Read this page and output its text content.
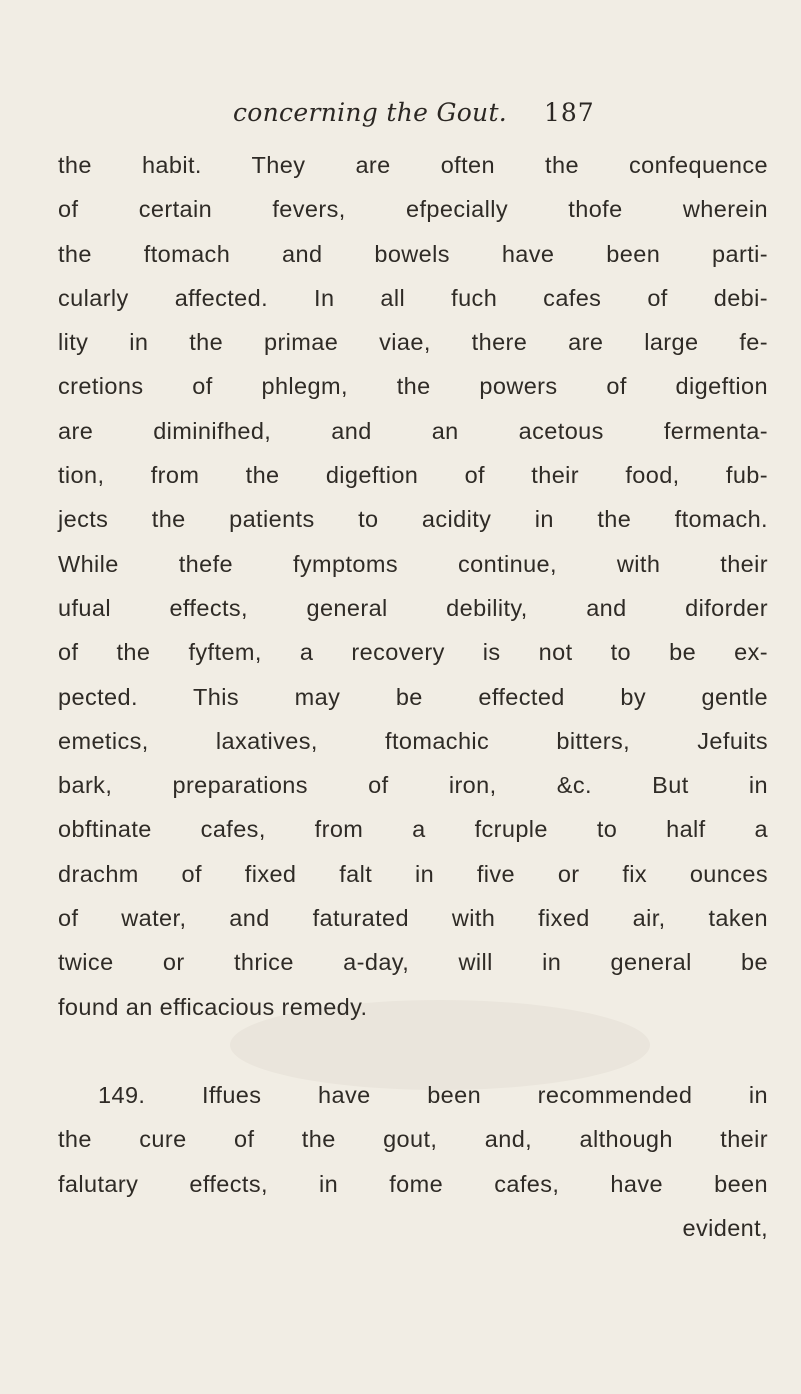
concerning the Gout. 187
the habit. They are often the confequence
of certain fevers, efpecially thofe wherein
the ftomach and bowels have been parti-
cularly affected. In all fuch cafes of debi-
lity in the primae viae, there are large fe-
cretions of phlegm, the powers of digeftion
are diminifhed, and an acetous fermenta-
tion, from the digeftion of their food, fub-
jects the patients to acidity in the ftomach.
While thefe fymptoms continue, with their
ufual effects, general debility, and diforder
of the fyftem, a recovery is not to be ex-
pected. This may be effected by gentle
emetics, laxatives, ftomachic bitters, Jefuits
bark, preparations of iron, &c. But in
obftinate cafes, from a fcruple to half a
drachm of fixed falt in five or fix ounces
of water, and faturated with fixed air, taken
twice or thrice a-day, will in general be
found an efficacious remedy.
149. Iffues have been recommended in
the cure of the gout, and, although their
falutary effects, in fome cafes, have been
evident,
